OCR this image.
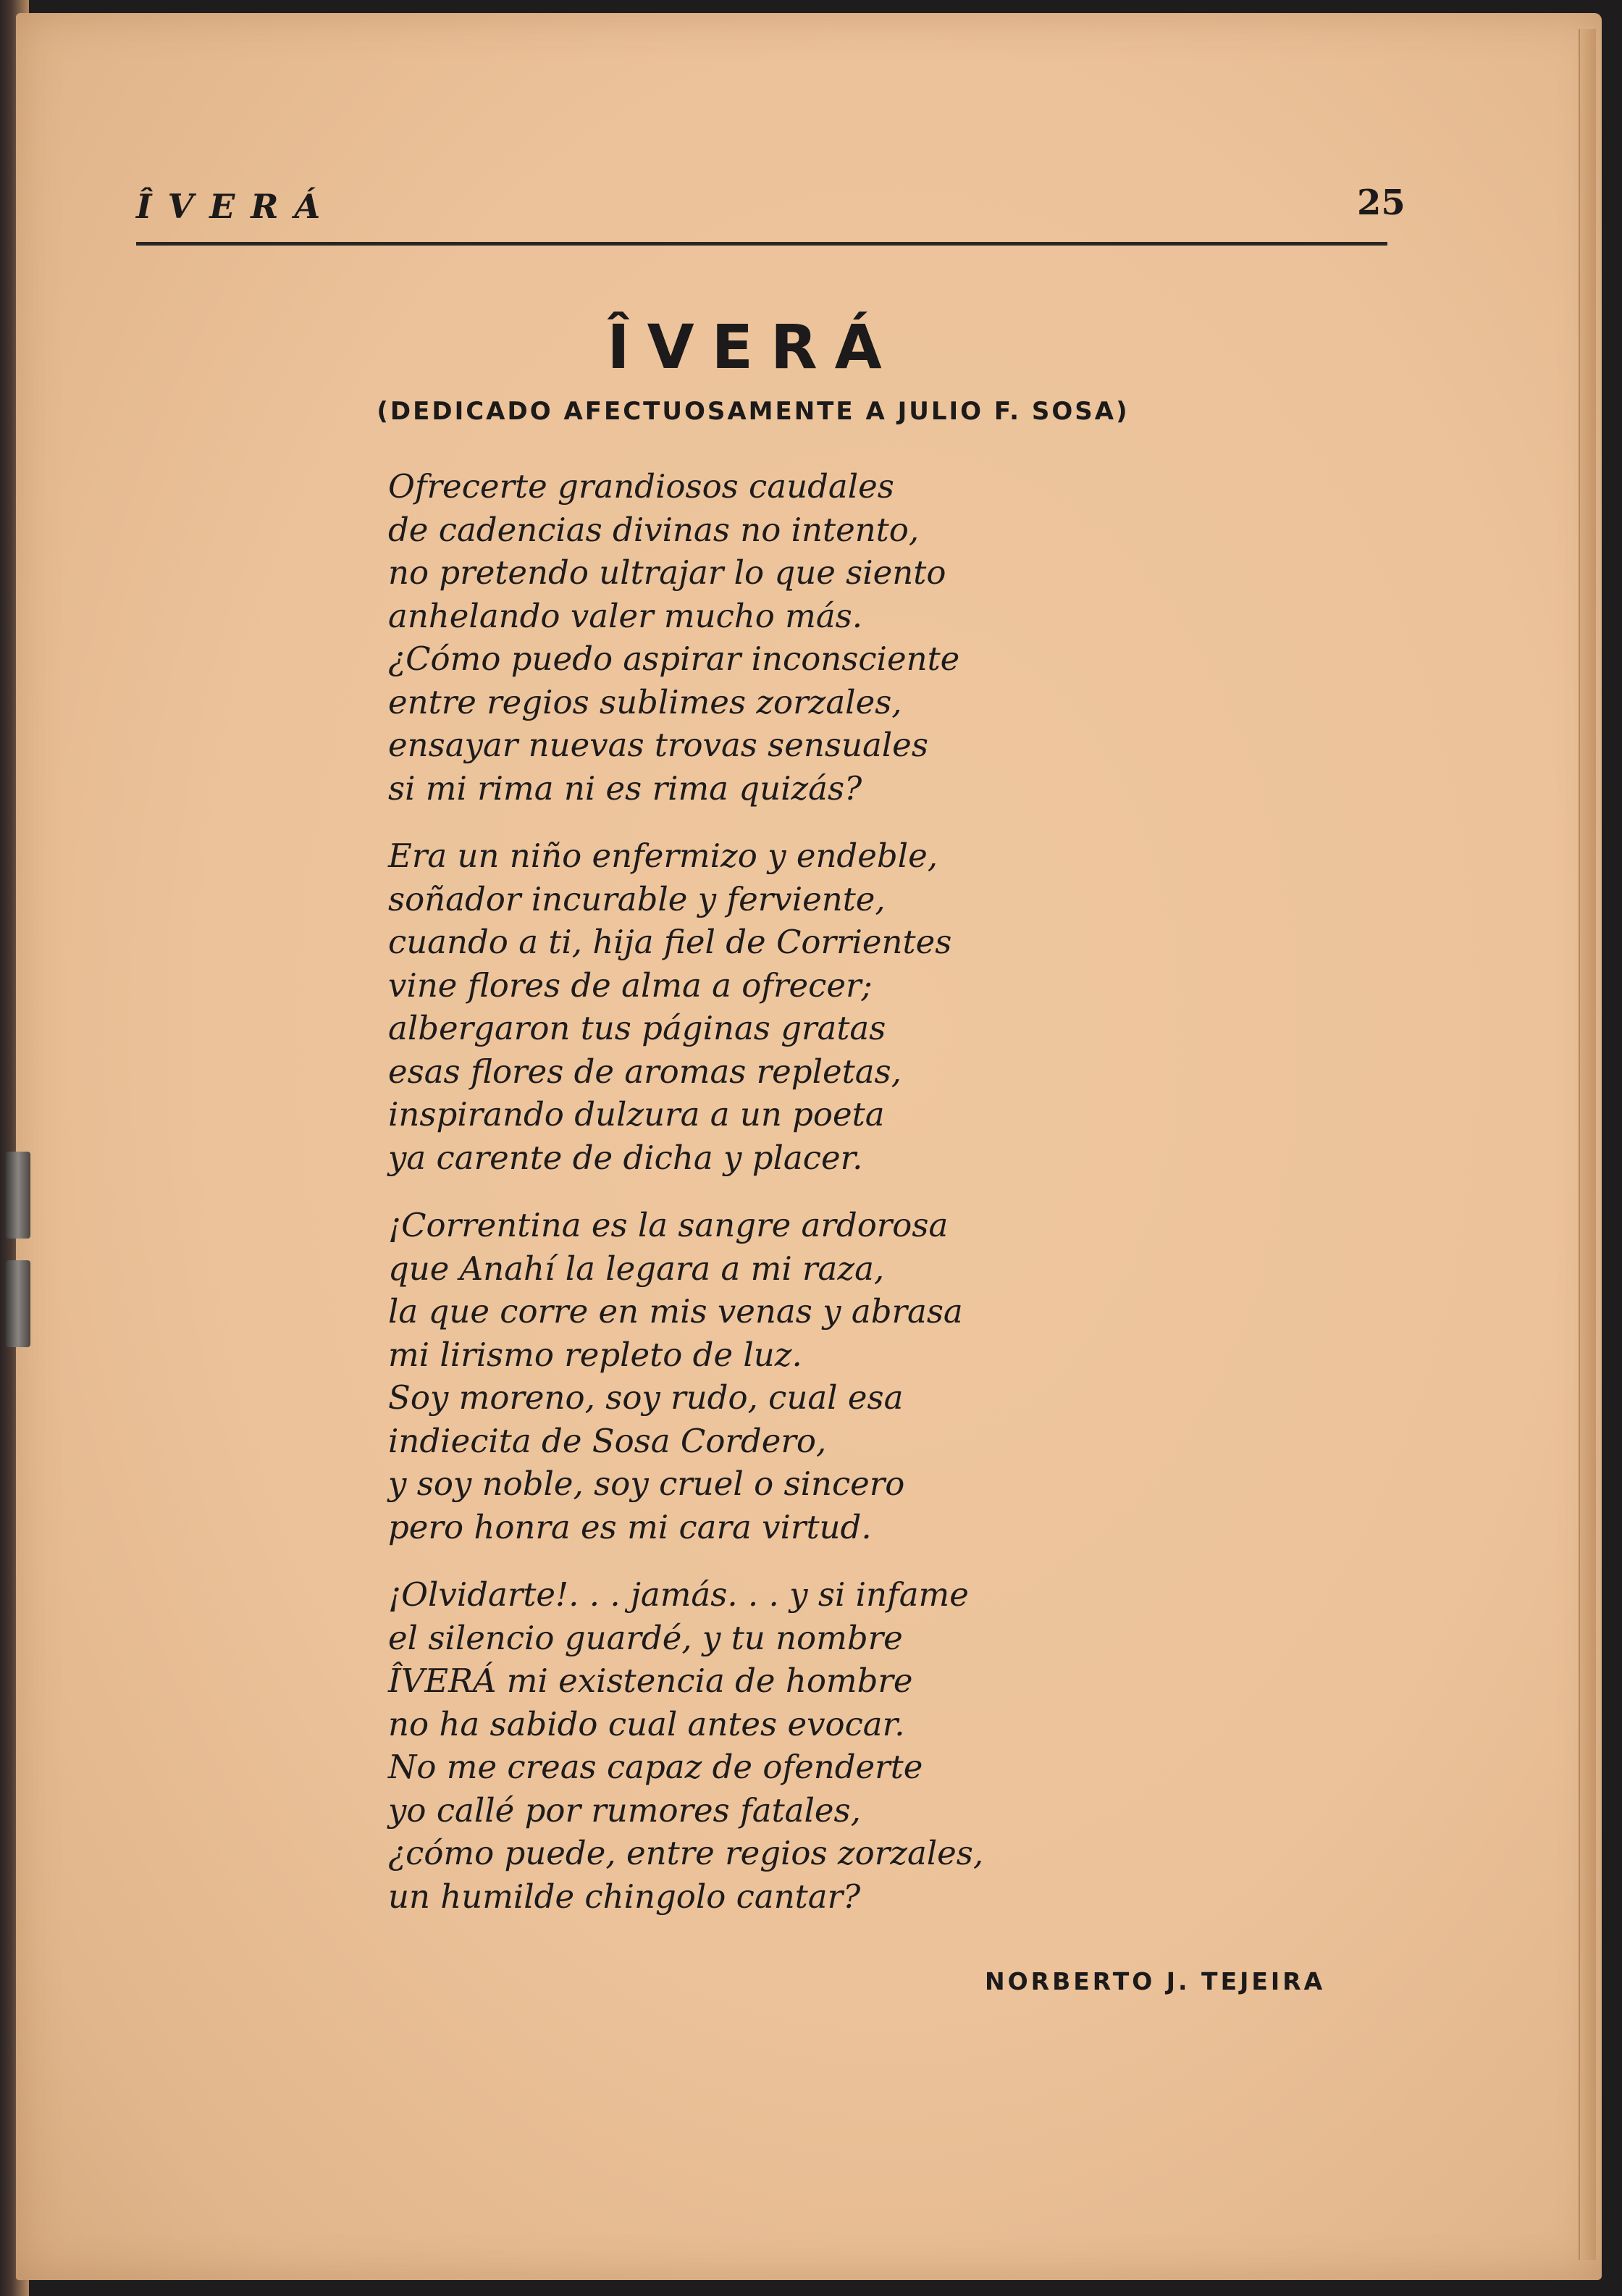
ÎVERÁ	25
ÎVERÁ
(DEDICADO AFECTUOSAMENTE A JULIO F. SOSA)
Ofrecerte grandiosos caudales
de cadencias divinas no intento,
no pretendo ultrajar lo que siento
anhelando valer mucho más.
¿Cómo puedo aspirar inconsciente
entre regios sublimes zorzales,
ensayar nuevas trovas sensuales
si mi rima ni es rima quizás?
Era un niño enfermizo y endeble,
soñador incurable y ferviente,
cuando a ti, hija fiel de Corrientes
vine flores de alma a ofrecer;
albergaron tus páginas gratas
esas flores de aromas repletas,
inspirando dulzura a un poeta
ya carente de dicha y placer.
¡Correntina es la sangre ardorosa
que Anahí la legara a mi raza,
la que corre en mis venas y abrasa
mi lirismo repleto de luz.
Soy moreno, soy rudo, cual esa
indiecita de Sosa Cordero,
y soy noble, soy cruel o sincero
pero honra es mi cara virtud.
¡Olvidarte!. . . jamás. . . y si infame
el silencio guardé, y tu nombre
ÎVERÁ mi existencia de hombre
no ha sabido cual antes evocar.
No me creas capaz de ofenderte
yo callé por rumores fatales,
¿cómo puede, entre regios zorzales,
un humilde chingolo cantar?
NORBERTO J. TEJEIRA
